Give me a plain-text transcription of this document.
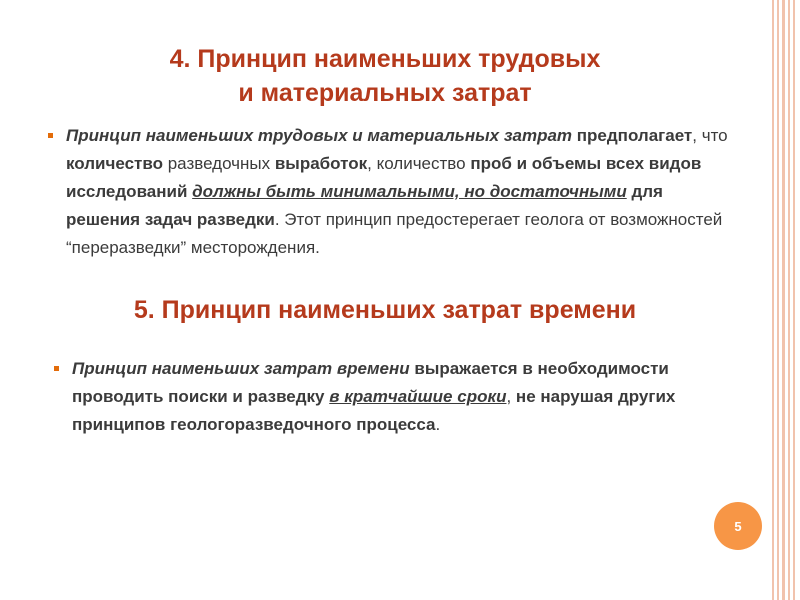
4. Принцип наименьших трудовых
и материальных затрат
Принцип наименьших трудовых и материальных затрат предполагает, что количество разведочных выработок, количество проб и объемы всех видов исследований должны быть минимальными, но достаточными для решения задач разведки. Этот принцип предостерегает геолога от возможностей “переразведки” месторождения.
5. Принцип наименьших затрат времени
Принцип наименьших затрат времени выражается в необходимости проводить поиски и разведку в кратчайшие сроки, не нарушая других принципов геологоразведочного процесса.
5
